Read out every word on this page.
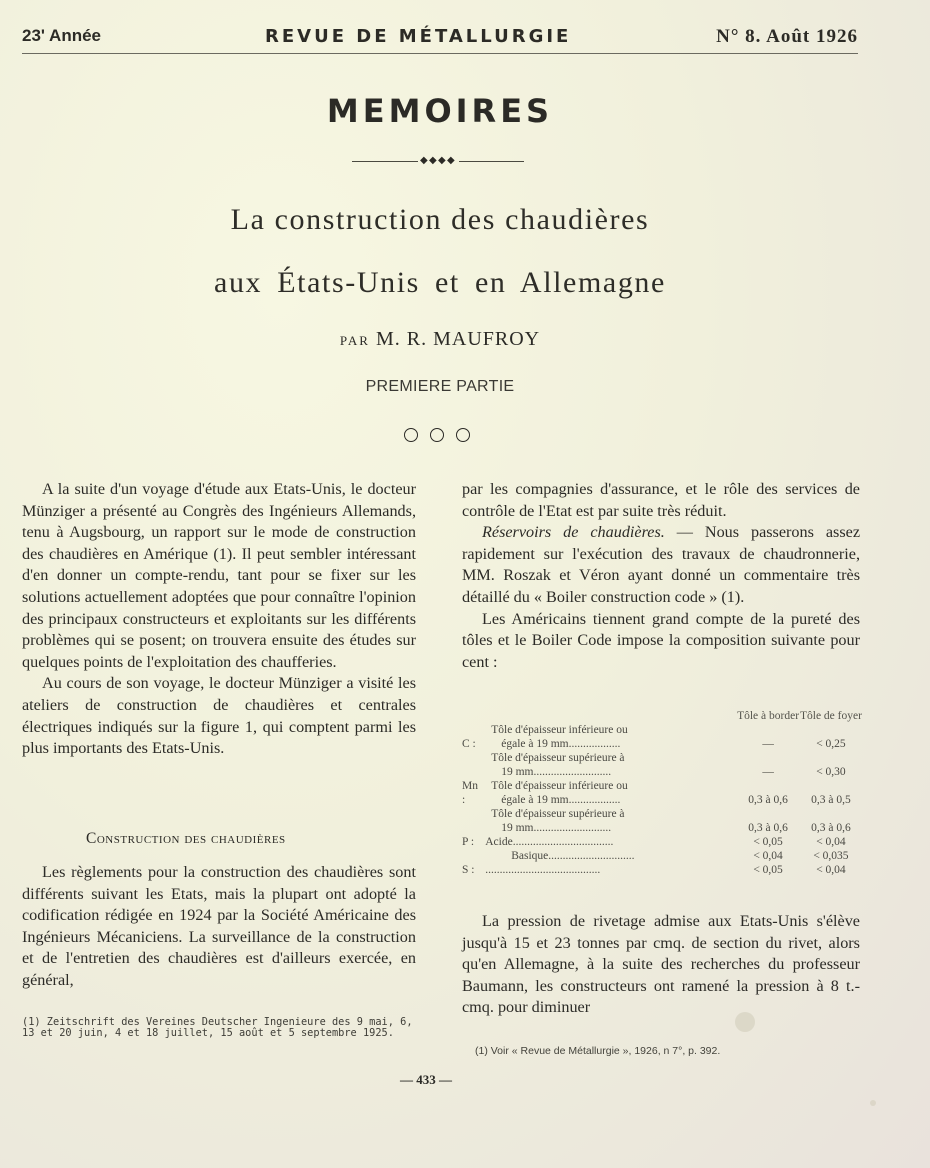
23' Année	REVUE DE MÉTALLURGIE	N° 8. Août 1926
MEMOIRES
◆ ◆ ◆ ◆
La construction des chaudières
aux États-Unis et en Allemagne
PAR M. R. MAUFROY
PREMIERE PARTIE

A la suite d'un voyage d'étude aux Etats-Unis, le docteur Münziger a présenté au Congrès des Ingénieurs Allemands, tenu à Augsbourg, un rapport sur le mode de construction des chaudières en Amérique (1). Il peut sembler intéressant d'en donner un compte-rendu, tant pour se fixer sur les solutions actuellement adoptées que pour connaître l'opinion des principaux constructeurs et exploitants sur les différents problèmes qui se posent; on trouvera ensuite des études sur quelques points de l'exploitation des chaufferies.

Au cours de son voyage, le docteur Münziger a visité les ateliers de construction de chaudières et centrales électriques indiqués sur la figure 1, qui comptent parmi les plus importants des Etats-Unis.

Construction des chaudières

Les règlements pour la construction des chaudières sont différents suivant les Etats, mais la plupart ont adopté la codification rédigée en 1924 par la Société Américaine des Ingénieurs Mécaniciens. La surveillance de la construction et de l'entretien des chaudières est d'ailleurs exercée, en général,

(1) Zeitschrift des Vereines Deutscher Ingenieure des 9 mai, 6, 13 et 20 juin, 4 et 18 juillet, 15 août et 5 septembre 1925.

par les compagnies d'assurance, et le rôle des services de contrôle de l'Etat est par suite très réduit.

Réservoirs de chaudières. — Nous passerons assez rapidement sur l'exécution des travaux de chaudronnerie, MM. Roszak et Véron ayant donné un commentaire très détaillé du « Boiler construction code » (1).

Les Américains tiennent grand compte de la pureté des tôles et le Boiler Code impose la composition suivante pour cent :

		Tôle à border	Tôle de foyer
C :	Tôle d'épaisseur inférieure ou
égale à 19 mm..................	—	< 0,25

	Tôle d'épaisseur supérieure à
19 mm...........................	—	< 0,30
Mn :	Tôle d'épaisseur inférieure ou
égale à 19 mm..................	0,3 à 0,6	0,3 à 0,5

	Tôle d'épaisseur supérieure à
19 mm...........................	0,3 à 0,6	0,3 à 0,6
P :	Acide...................................	< 0,05	< 0,04

	Basique..............................	< 0,04	< 0,035
S :	........................................	< 0,05	< 0,04

La pression de rivetage admise aux Etats-Unis s'élève jusqu'à 15 et 23 tonnes par cmq. de section du rivet, alors qu'en Allemagne, à la suite des recherches du professeur Baumann, les constructeurs ont ramené la pression à 8 t.-cmq. pour diminuer

(1) Voir « Revue de Métallurgie », 1926, n 7°, p. 392.
— 433 —
